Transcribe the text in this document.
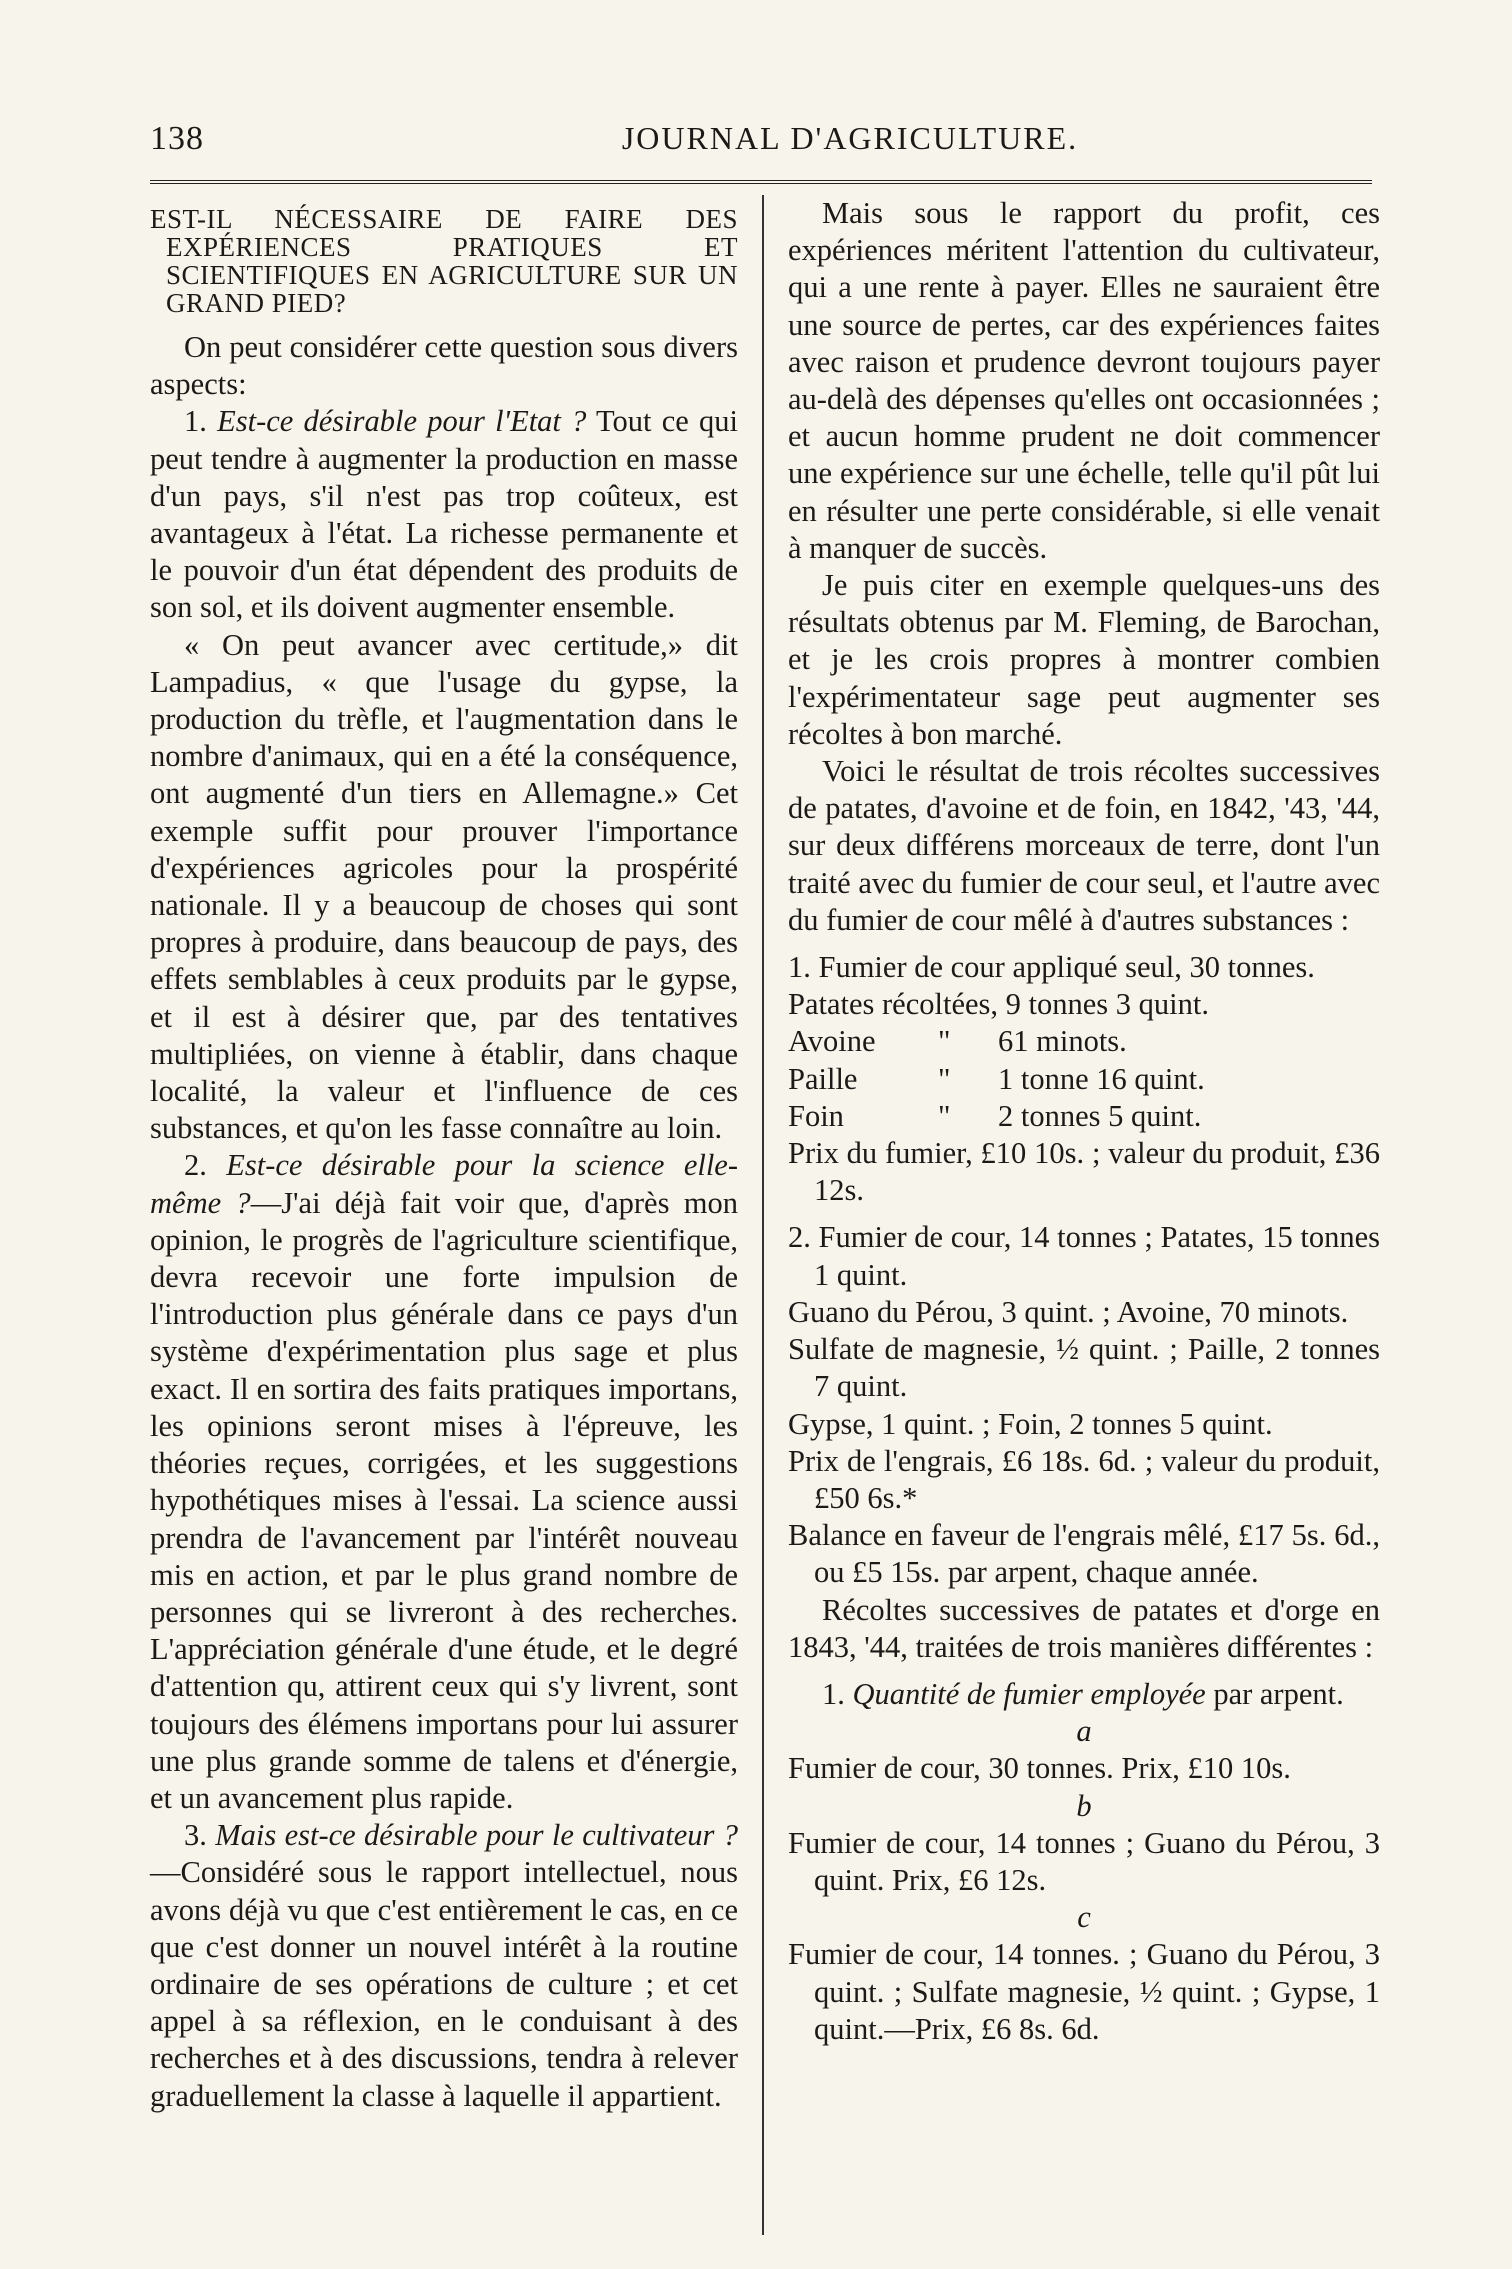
138	JOURNAL D'AGRICULTURE.

EST-IL NÉCESSAIRE DE FAIRE DES EXPÉRIENCES PRATIQUES ET SCIENTIFIQUES EN AGRICULTURE SUR UN GRAND PIED?

On peut considérer cette question sous divers aspects:

1. Est-ce désirable pour l'Etat ? Tout ce qui peut tendre à augmenter la production en masse d'un pays, s'il n'est pas trop coûteux, est avantageux à l'état. La richesse permanente et le pouvoir d'un état dépendent des produits de son sol, et ils doivent augmenter ensemble.

« On peut avancer avec certitude,» dit Lampadius, « que l'usage du gypse, la production du trèfle, et l'augmentation dans le nombre d'animaux, qui en a été la conséquence, ont augmenté d'un tiers en Allemagne.» Cet exemple suffit pour prouver l'importance d'expériences agricoles pour la prospérité nationale. Il y a beaucoup de choses qui sont propres à produire, dans beaucoup de pays, des effets semblables à ceux produits par le gypse, et il est à désirer que, par des tentatives multipliées, on vienne à établir, dans chaque localité, la valeur et l'influence de ces substances, et qu'on les fasse connaître au loin.

2. Est-ce désirable pour la science elle-même ?—J'ai déjà fait voir que, d'après mon opinion, le progrès de l'agriculture scientifique, devra recevoir une forte impulsion de l'introduction plus générale dans ce pays d'un système d'expérimentation plus sage et plus exact. Il en sortira des faits pratiques importans, les opinions seront mises à l'épreuve, les théories reçues, corrigées, et les suggestions hypothétiques mises à l'essai. La science aussi prendra de l'avancement par l'intérêt nouveau mis en action, et par le plus grand nombre de personnes qui se livreront à des recherches. L'appréciation générale d'une étude, et le degré d'attention qu, attirent ceux qui s'y livrent, sont toujours des élémens importans pour lui assurer une plus grande somme de talens et d'énergie, et un avancement plus rapide.

3. Mais est-ce désirable pour le cultivateur ?—Considéré sous le rapport intellectuel, nous avons déjà vu que c'est entièrement le cas, en ce que c'est donner un nouvel intérêt à la routine ordinaire de ses opérations de culture ; et cet appel à sa réflexion, en le conduisant à des recherches et à des discussions, tendra à relever graduellement la classe à laquelle il appartient.

Mais sous le rapport du profit, ces expériences méritent l'attention du cultivateur, qui a une rente à payer. Elles ne sauraient être une source de pertes, car des expériences faites avec raison et prudence devront toujours payer au-delà des dépenses qu'elles ont occasionnées ; et aucun homme prudent ne doit commencer une expérience sur une échelle, telle qu'il pût lui en résulter une perte considérable, si elle venait à manquer de succès.

Je puis citer en exemple quelques-uns des résultats obtenus par M. Fleming, de Barochan, et je les crois propres à montrer combien l'expérimentateur sage peut augmenter ses récoltes à bon marché.

Voici le résultat de trois récoltes successives de patates, d'avoine et de foin, en 1842, '43, '44, sur deux différens morceaux de terre, dont l'un traité avec du fumier de cour seul, et l'autre avec du fumier de cour mêlé à d'autres substances :

1. Fumier de cour appliqué seul, 30 tonnes.

Patates récoltées, 9 tonnes 3 quint.

Avoine	"	61 minots.
Paille	"	1 tonne 16 quint.
Foin	"	2 tonnes 5 quint.

Prix du fumier, £10 10s. ; valeur du produit, £36 12s.

2. Fumier de cour, 14 tonnes ; Patates, 15 tonnes 1 quint.

Guano du Pérou, 3 quint. ; Avoine, 70 minots.

Sulfate de magnesie, ½ quint. ; Paille, 2 tonnes 7 quint.

Gypse, 1 quint. ; Foin, 2 tonnes 5 quint.

Prix de l'engrais, £6 18s. 6d. ; valeur du produit, £50 6s.*

Balance en faveur de l'engrais mêlé, £17 5s. 6d., ou £5 15s. par arpent, chaque année.

Récoltes successives de patates et d'orge en 1843, '44, traitées de trois manières différentes :

1. Quantité de fumier employée par arpent.

a

Fumier de cour, 30 tonnes. Prix, £10 10s.

b

Fumier de cour, 14 tonnes ; Guano du Pérou, 3 quint. Prix, £6 12s.

c

Fumier de cour, 14 tonnes. ; Guano du Pérou, 3 quint. ; Sulfate magnesie, ½ quint. ; Gypse, 1 quint.—Prix, £6 8s. 6d.
